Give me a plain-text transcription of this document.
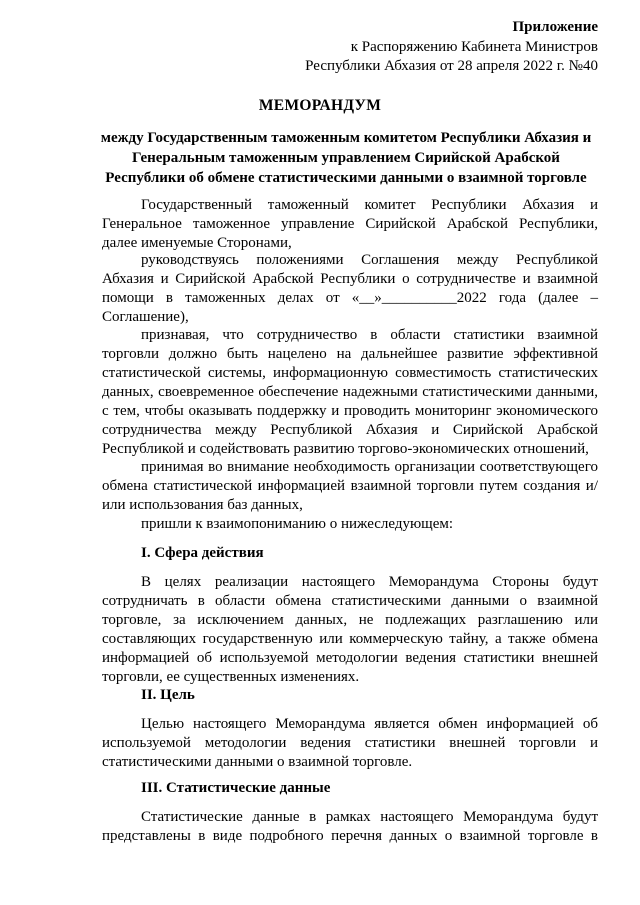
Приложение
к Распоряжению Кабинета Министров
Республики Абхазия от 28 апреля 2022 г. №40
МЕМОРАНДУМ
между Государственным таможенным комитетом Республики Абхазия и Генеральным таможенным управлением Сирийской Арабской Республики об обмене статистическими данными о взаимной торговле

Государственный таможенный комитет Республики Абхазия и Генеральное таможенное управление Сирийской Арабской Республики, далее именуемые Сторонами,

руководствуясь положениями Соглашения между Республикой Абхазия и Сирийской Арабской Республики о сотрудничестве и взаимной помощи в таможенных делах от «__»__________2022 года (далее – Соглашение),

признавая, что сотрудничество в области статистики взаимной торговли должно быть нацелено на дальнейшее развитие эффективной статистической системы, информационную совместимость статистических данных, своевременное обеспечение надежными статистическими данными, с тем, чтобы оказывать поддержку и проводить мониторинг экономического сотрудничества между Республикой Абхазия и Сирийской Арабской Республикой и содействовать развитию торгово-экономических отношений,

принимая во внимание необходимость организации соответствующего обмена статистической информацией взаимной торговли путем создания и/или использования баз данных,

пришли к взаимопониманию о нижеследующем:

I. Сфера действия

В целях реализации настоящего Меморандума Стороны будут сотрудничать в области обмена статистическими данными о взаимной торговле, за исключением данных, не подлежащих разглашению или составляющих государственную или коммерческую тайну, а также обмена информацией об используемой методологии ведения статистики внешней торговли, ее существенных изменениях.

II. Цель

Целью настоящего Меморандума является обмен информацией об используемой методологии ведения статистики внешней торговли и статистическими данными о взаимной торговле.

III. Статистические данные

Статистические данные в рамках настоящего Меморандума будут представлены в виде подробного перечня данных о взаимной торговле в
